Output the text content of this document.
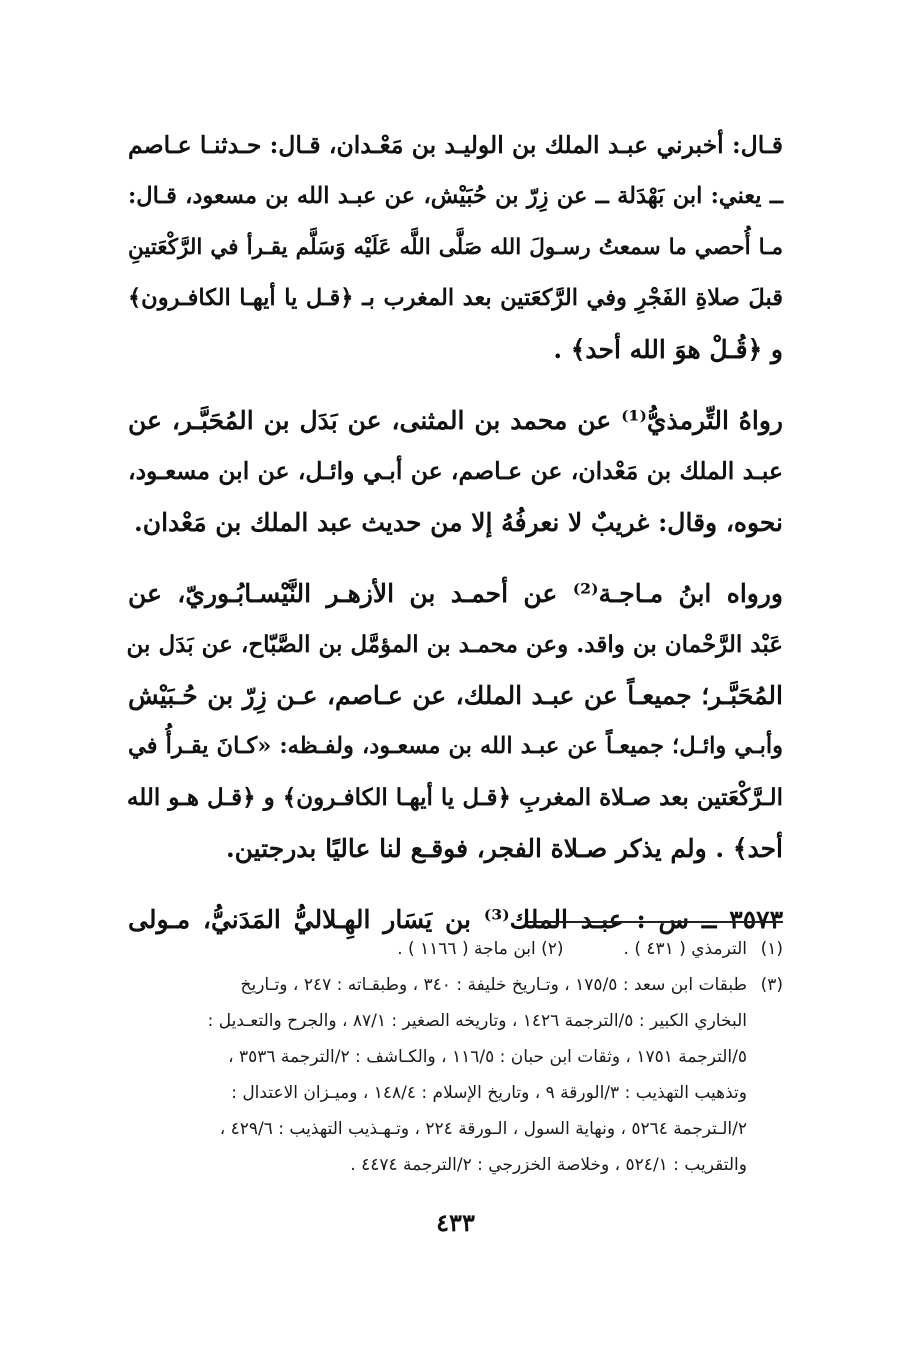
قـال: أخبرني عبـد الملك بن الوليـد بن مَعْـدان، قـال: حـدثنـا عـاصم
ــ يعني: ابن بَهْدَلة ــ عن زِرّ بن حُبَيْش، عن عبـد الله بن مسعود، قـال:
مـا أُحصي ما سمعتُ رسـولَ الله صَلَّى اللَّه عَلَيْه وَسَلَّم يقـرأ في الرَّكْعَتينِ
قبلَ صلاةِ الفَجْرِ وفي الرَّكعَتين بعد المغرب بـ ﴿قـل يا أيهـا الكافـرون﴾
و ﴿قُـلْ هوَ الله أحد﴾ .
رواهُ التِّرمذيُّ⁽¹⁾ عن محمد بن المثنى، عن بَدَل بن المُحَبَّـر، عن
عبـد الملك بن مَعْدان، عن عـاصم، عن أبـي وائـل، عن ابن مسعـود،
نحوه، وقال: غريبٌ لا نعرفُهُ إلا من حديث عبد الملك بن مَعْدان.
ورواه ابنُ مـاجـة⁽²⁾ عن أحمـد بن الأزهـر النَّيْسـابُـوريّ، عن
عَبْد الرَّحْمان بن واقد. وعن محمـد بن المؤمَّل بن الصَّبّاح، عن بَدَل بن
المُحَبَّـر؛ جميعـاً عن عبـد الملك، عن عـاصم، عـن زِرّ بن حُـبَيْش
وأبـي وائـل؛ جميعـاً عن عبـد الله بن مسعـود، ولفـظه: «كـانَ يقـرأُ في
الـرَّكْعَتين بعد صـلاة المغربِ ﴿قـل يا أيهـا الكافـرون﴾ و ﴿قـل هـو الله
أحد﴾ . ولم يذكر صـلاة الفجر، فوقـع لنا عاليًا بدرجتين.
٣٥٧٣ ــ س : عبـد الملك⁽³⁾ بن يَسَار الهِـلاليُّ المَدَنيُّ، مـولى
(١)الترمذي ( ٤٣١ ) .(٢) ابن ماجة ( ١١٦٦ ) .
(٣)طبقات ابن سعد : ١٧٥/٥ ، وتـاريخ خليفة : ٣٤٠ ، وطبقـاته : ٢٤٧ ، وتـاريخ
البخاري الكبير : ٥/الترجمة ١٤٢٦ ، وتاريخه الصغير : ٨٧/١ ، والجرح والتعـديل :
٥/الترجمة ١٧٥١ ، وثقات ابن حبان : ١١٦/٥ ، والكـاشف : ٢/الترجمة ٣٥٣٦ ،
وتذهيب التهذيب : ٣/الورقة ٩ ، وتاريخ الإسلام : ١٤٨/٤ ، وميـزان الاعتدال :
٢/الـترجمة ٥٢٦٤ ، ونهاية السول ، الـورقة ٢٢٤ ، وتـهـذيب التهذيب : ٤٢٩/٦ ،
والتقريب : ٥٢٤/١ ، وخلاصة الخزرجي : ٢/الترجمة ٤٤٧٤ .
٤٣٣
